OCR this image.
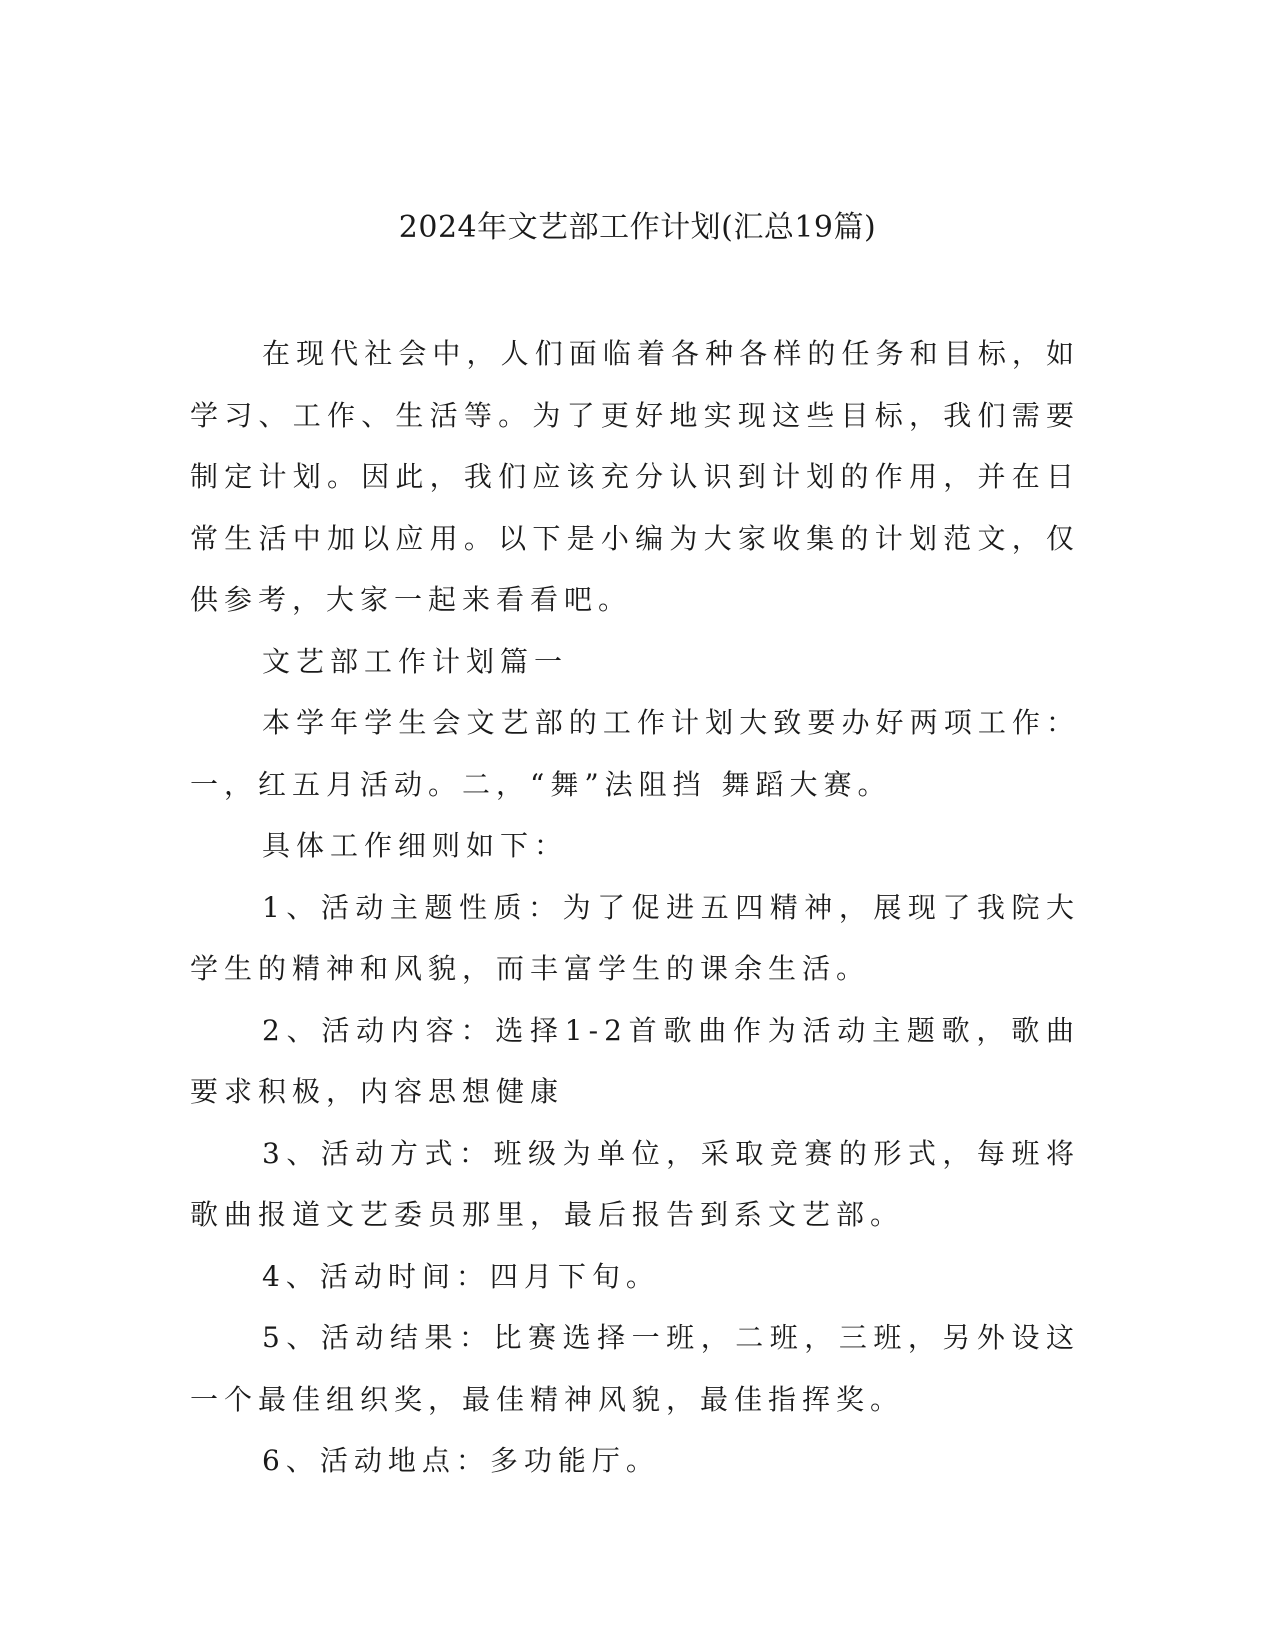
2024年文艺部工作计划(汇总19篇)

在现代社会中，人们面临着各种各样的任务和目标，如学习、工作、生活等。为了更好地实现这些目标，我们需要制定计划。因此，我们应该充分认识到计划的作用，并在日常生活中加以应用。以下是小编为大家收集的计划范文，仅供参考，大家一起来看看吧。

文艺部工作计划篇一

本学年学生会文艺部的工作计划大致要办好两项工作：一，红五月活动。二，“舞”法阻挡 舞蹈大赛。

具体工作细则如下：

1、活动主题性质：为了促进五四精神，展现了我院大学生的精神和风貌，而丰富学生的课余生活。

2、活动内容：选择1-2首歌曲作为活动主题歌，歌曲要求积极，内容思想健康

3、活动方式：班级为单位，采取竞赛的形式，每班将歌曲报道文艺委员那里，最后报告到系文艺部。

4、活动时间：四月下旬。

5、活动结果：比赛选择一班，二班，三班，另外设这一个最佳组织奖，最佳精神风貌，最佳指挥奖。

6、活动地点：多功能厅。
